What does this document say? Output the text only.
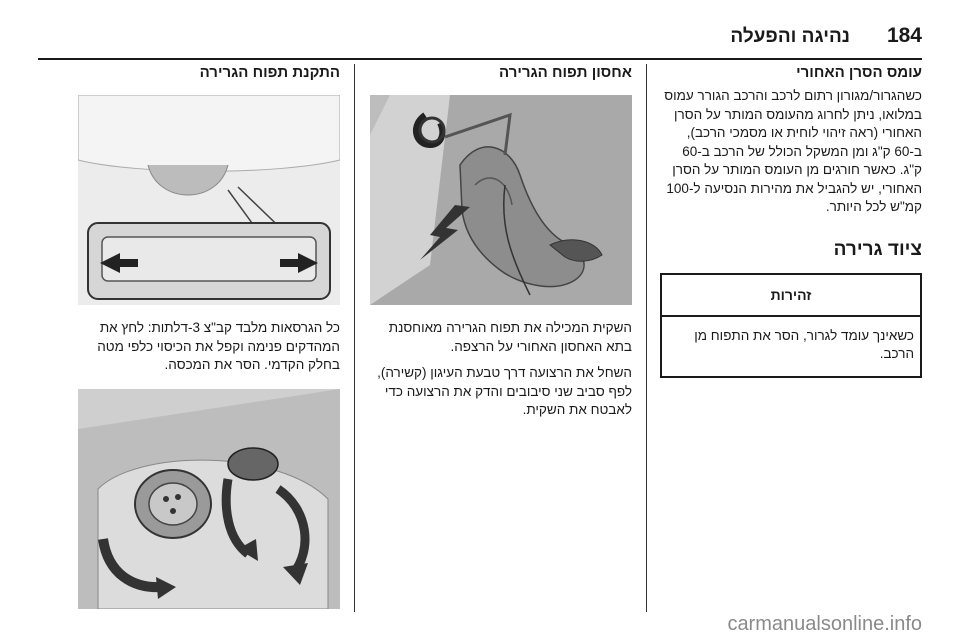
184
נהיגה והפעלה
עומס הסרן האחורי

כשהגרור/מגורון רתום לרכב והרכב הגורר עמוס במלואו, ניתן לחרוג מהעומס המותר על הסרן האחורי (ראה זיהוי לוחית או מסמכי הרכב), ב-60 ק"ג ומן המשקל הכולל של הרכב ב-60 ק"ג. כאשר חורגים מן העומס המותר על הסרן האחורי, יש להגביל את מהירות הנסיעה ל-100 קמ"ש לכל היותר.

ציוד גרירה
זהירות
כשאינך עומד לגרור, הסר את התפוח מן הרכב.
אחסון תפוח הגרירה

השקית המכילה את תפוח הגרירה מאוחסנת בתא האחסון האחורי על הרצפה.

השחל את הרצועה דרך טבעת העיגון (קשירה), לפף סביב שני סיבובים והדק את הרצועה כדי לאבטח את השקית.

התקנת תפוח הגרירה

כל הגרסאות מלבד קב"צ 3-דלתות: לחץ את המהדקים פנימה וקפל את הכיסוי כלפי מטה בחלק הקדמי. הסר את המכסה.

carmanualsonline.info
